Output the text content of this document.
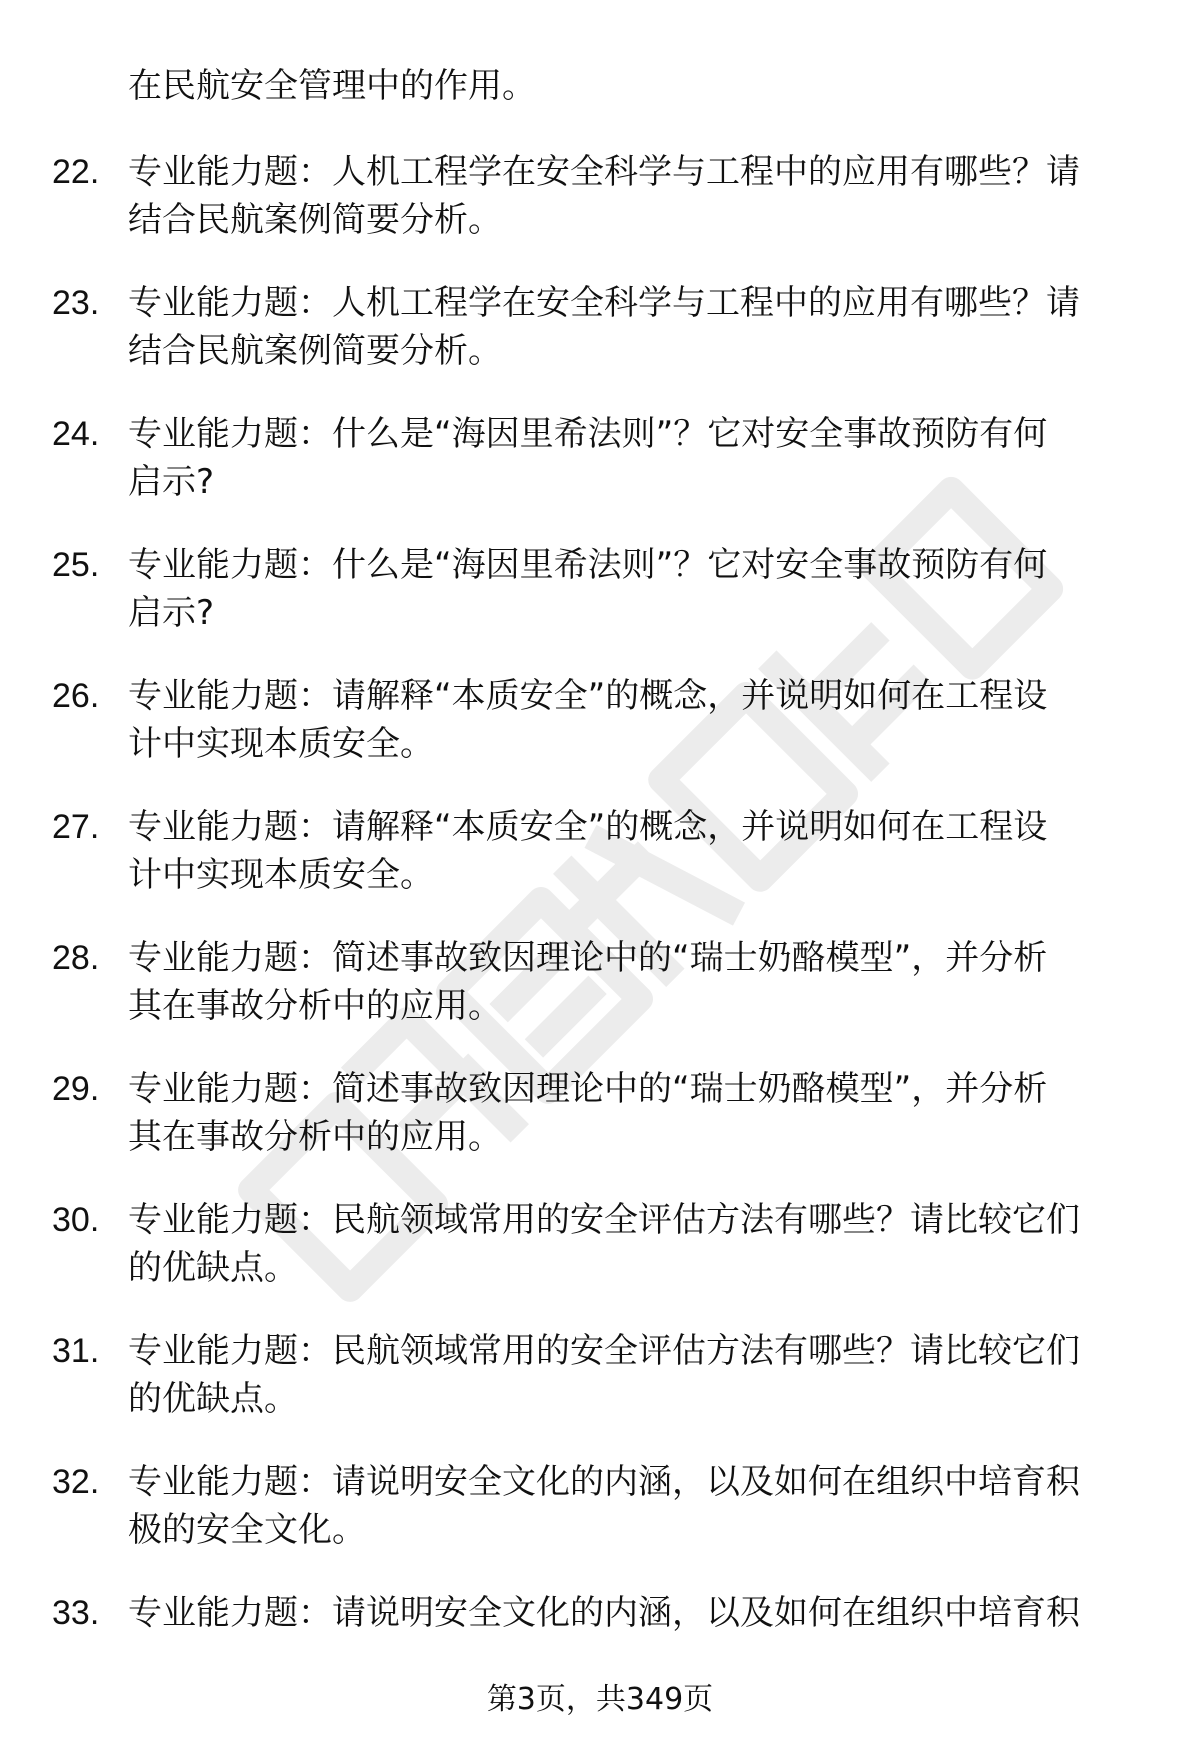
在民航安全管理中的作用。

22. 专业能力题：人机工程学在安全科学与工程中的应用有哪些？请
结合民航案例简要分析。
23. 专业能力题：人机工程学在安全科学与工程中的应用有哪些？请
结合民航案例简要分析。
24. 专业能力题：什么是“海因里希法则”？它对安全事故预防有何
启示?
25. 专业能力题：什么是“海因里希法则”？它对安全事故预防有何
启示?
26. 专业能力题：请解释“本质安全”的概念，并说明如何在工程设
计中实现本质安全。
27. 专业能力题：请解释“本质安全”的概念，并说明如何在工程设
计中实现本质安全。
28. 专业能力题：简述事故致因理论中的“瑞士奶酪模型”，并分析
其在事故分析中的应用。
29. 专业能力题：简述事故致因理论中的“瑞士奶酪模型”，并分析
其在事故分析中的应用。
30. 专业能力题：民航领域常用的安全评估方法有哪些？请比较它们
的优缺点。
31. 专业能力题：民航领域常用的安全评估方法有哪些？请比较它们
的优缺点。
32. 专业能力题：请说明安全文化的内涵，以及如何在组织中培育积
极的安全文化。
33. 专业能力题：请说明安全文化的内涵，以及如何在组织中培育积
第3页，共349页
